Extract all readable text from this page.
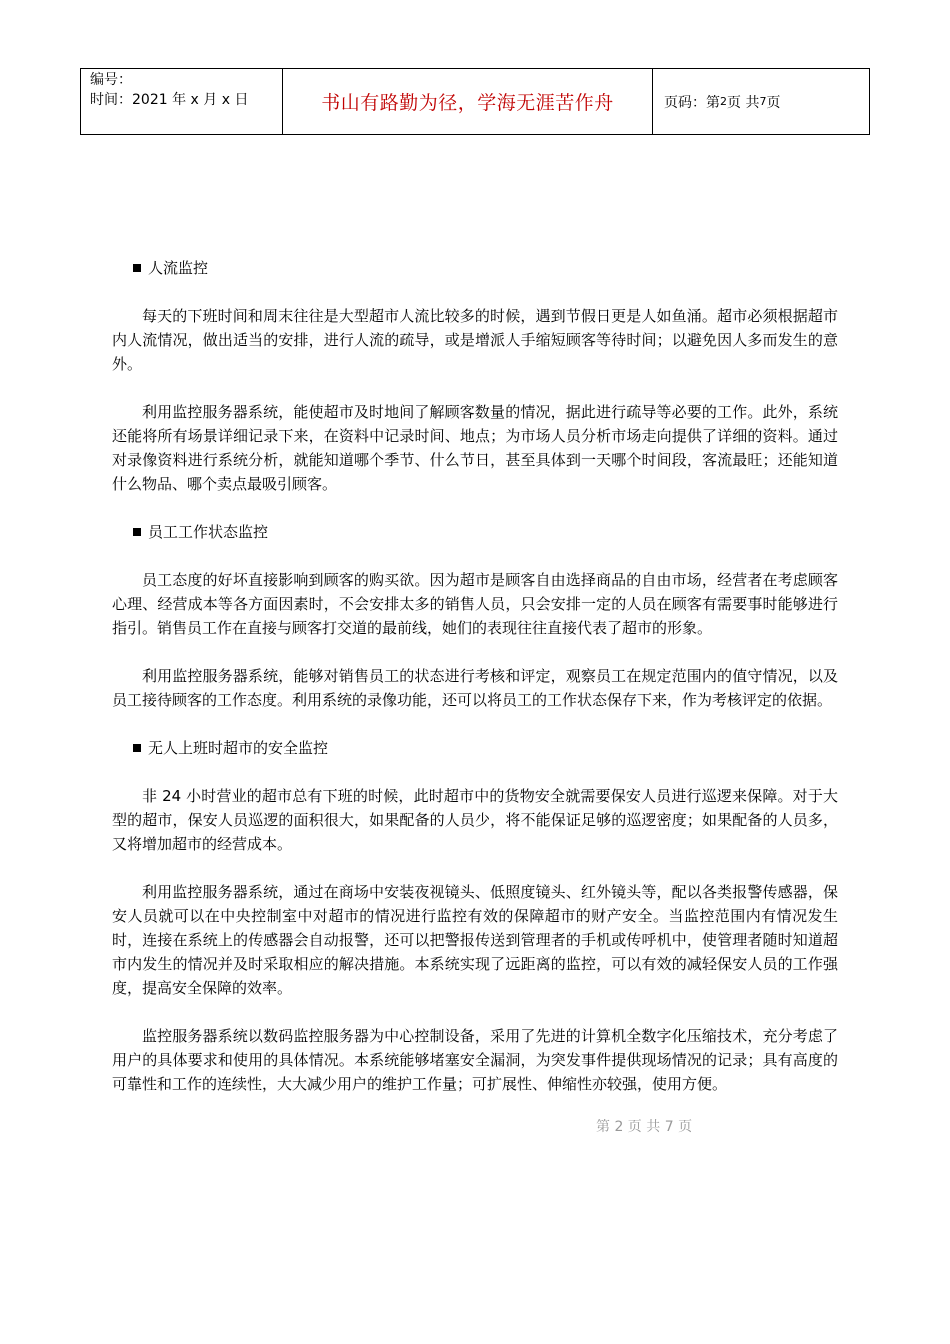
编号：
时间：2021 年 x 月 x 日	书山有路勤为径，学海无涯苦作舟	页码：第 2 页 共 7 页
人流监控

每天的下班时间和周末往往是大型超市人流比较多的时候，遇到节假日更是人如鱼涌。超市必须根据超市内人流情况，做出适当的安排，进行人流的疏导，或是增派人手缩短顾客等待时间；以避免因人多而发生的意外。

利用监控服务器系统，能使超市及时地间了解顾客数量的情况，据此进行疏导等必要的工作。此外，系统还能将所有场景详细记录下来，在资料中记录时间、地点；为市场人员分析市场走向提供了详细的资料。通过对录像资料进行系统分析，就能知道哪个季节、什么节日，甚至具体到一天哪个时间段，客流最旺；还能知道什么物品、哪个卖点最吸引顾客。

员工工作状态监控

员工态度的好坏直接影响到顾客的购买欲。因为超市是顾客自由选择商品的自由市场，经营者在考虑顾客心理、经营成本等各方面因素时，不会安排太多的销售人员，只会安排一定的人员在顾客有需要事时能够进行指引。销售员工作在直接与顾客打交道的最前线，她们的表现往往直接代表了超市的形象。

利用监控服务器系统，能够对销售员工的状态进行考核和评定，观察员工在规定范围内的值守情况，以及员工接待顾客的工作态度。利用系统的录像功能，还可以将员工的工作状态保存下来，作为考核评定的依据。

无人上班时超市的安全监控

非 24 小时营业的超市总有下班的时候，此时超市中的货物安全就需要保安人员进行巡逻来保障。对于大型的超市，保安人员巡逻的面积很大，如果配备的人员少，将不能保证足够的巡逻密度；如果配备的人员多，又将增加超市的经营成本。

利用监控服务器系统，通过在商场中安装夜视镜头、低照度镜头、红外镜头等，配以各类报警传感器，保安人员就可以在中央控制室中对超市的情况进行监控有效的保障超市的财产安全。当监控范围内有情况发生时，连接在系统上的传感器会自动报警，还可以把警报传送到管理者的手机或传呼机中，使管理者随时知道超市内发生的情况并及时采取相应的解决措施。本系统实现了远距离的监控，可以有效的减轻保安人员的工作强度，提高安全保障的效率。

监控服务器系统以数码监控服务器为中心控制设备，采用了先进的计算机全数字化压缩技术，充分考虑了用户的具体要求和使用的具体情况。本系统能够堵塞安全漏洞，为突发事件提供现场情况的记录；具有高度的可靠性和工作的连续性，大大减少用户的维护工作量；可扩展性、伸缩性亦较强，使用方便。

第 2 页 共 7 页
